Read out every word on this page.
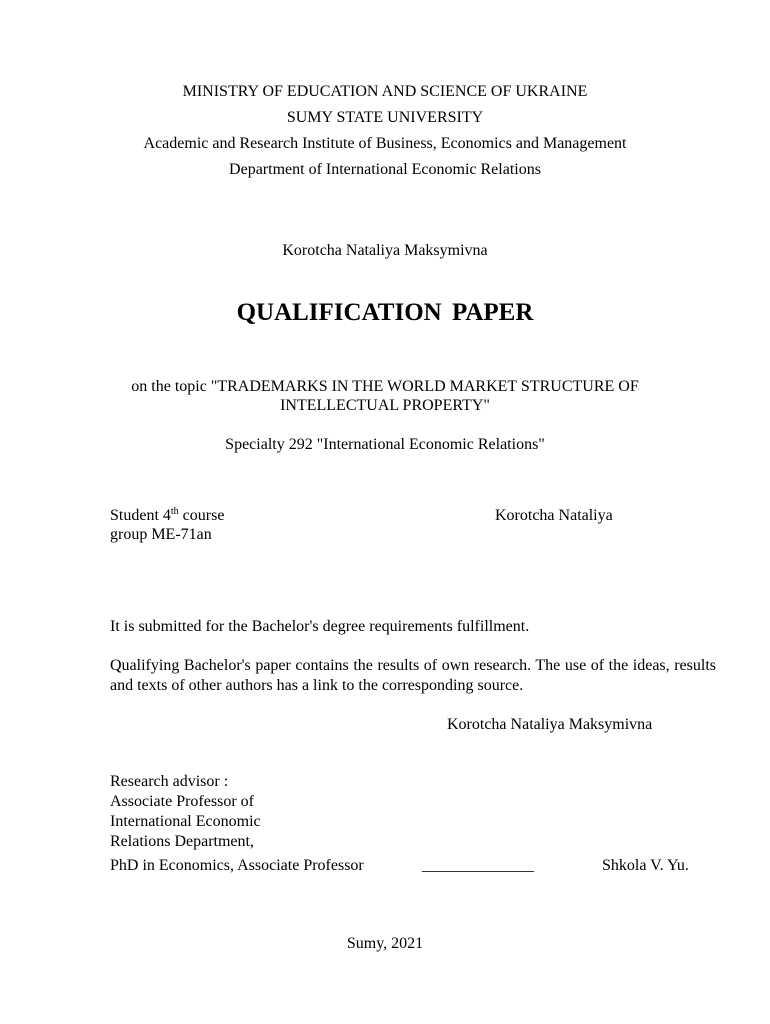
MINISTRY OF EDUCATION AND SCIENCE OF UKRAINE
SUMY STATE UNIVERSITY
Academic and Research Institute of Business, Economics and Management
Department of International Economic Relations
Korotcha Nataliya Maksymivna
QUALIFICATION PAPER
on the topic "TRADEMARKS IN THE WORLD MARKET STRUCTURE OF
INTELLECTUAL PROPERTY"
Specialty 292 "International Economic Relations"
Student 4th course	Korotcha Nataliya
group ME-71an
It is submitted for the Bachelor's degree requirements fulfillment.
Qualifying Bachelor's paper contains the results of own research. The use of the ideas, results and texts of other authors has a link to the corresponding source.
Korotcha Nataliya Maksymivna
Research advisor :
Associate Professor of
International Economic
Relations Department,
PhD in Economics, Associate Professor	______________	Shkola V. Yu.
Sumy, 2021
